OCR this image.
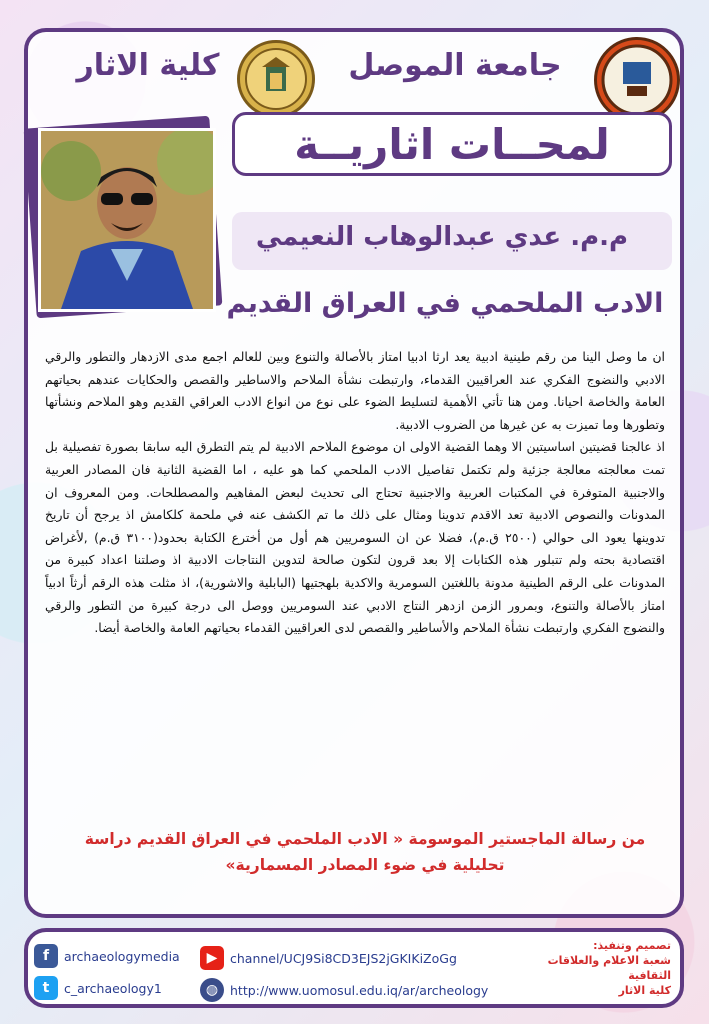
كلية الاثار	جامعة الموصل
لمحــات اثاريــة
م.م. عدي عبدالوهاب النعيمي
الادب الملحمي في العراق القديم

ان ما وصل الينا من رقم طينية ادبية يعد ارثا ادبيا امتاز بالأصالة والتنوع وبين للعالم اجمع مدى الازدهار والتطور والرقي الادبي والنضوج الفكري عند العراقيين القدماء، وارتبطت نشأة الملاحم والاساطير والقصص والحكايات عندهم بحياتهم العامة والخاصة احيانا. ومن هنا تأتي الأهمية لتسليط الضوء على نوع من انواع الادب العراقي القديم وهو الملاحم ونشأتها وتطورها وما تميزت به عن غيرها من الضروب الادبية.

اذ عالجنا قضيتين اساسيتين الا وهما القضية الاولى ان موضوع الملاحم الادبية لم يتم التطرق اليه سابقا بصورة تفصيلية بل تمت معالجته معالجة جزئية ولم تكتمل تفاصيل الادب الملحمي كما هو عليه ، اما القضية الثانية فان المصادر العربية والاجنبية المتوفرة في المكتبات العربية والاجنبية تحتاج الى تحديث لبعض المفاهيم والمصطلحات. ومن المعروف ان المدونات والنصوص الادبية تعد الاقدم تدوينا ومثال على ذلك ما تم الكشف عنه في ملحمة كلكامش اذ يرجح أن تاريخ تدوينها يعود الى حوالي (٢٥٠٠ ق.م)، فضلا عن ان السومريين هم أول من أخترع الكتابة بحدود(٣١٠٠ ق.م) ,لأغراض اقتصادية بحته ولم تتبلور هذه الكتابات إلا بعد قرون لتكون صالحة لتدوين النتاجات الادبية اذ وصلتنا اعداد كبيرة من المدونات على الرقم الطينية مدونة باللغتين السومرية والاكدية بلهجتيها (البابلية والاشورية)، اذ مثلت هذه الرقم أرثاً ادبياً امتاز بالأصالة والتنوع، وبمرور الزمن ازدهر النتاج الادبي عند السومريين ووصل الى درجة كبيرة من التطور والرقي والنضوج الفكري وارتبطت نشأة الملاحم والأساطير والقصص لدى العراقيين القدماء بحياتهم العامة والخاصة أيضا.

من رسالة الماجستير الموسومة « الادب الملحمي في العراق القديم دراسة تحليلية في ضوء المصادر المسمارية»
f	archaeologymedia
t	c_archaeology1
▶	channel/UCJ9Si8CD3EJS2jGKIKiZoGg
◍ http://www.uomosul.edu.iq/ar/archeology
تصميم وتنفيذ:
شعبة الاعلام والعلاقات الثقافية
كلية الاثار
